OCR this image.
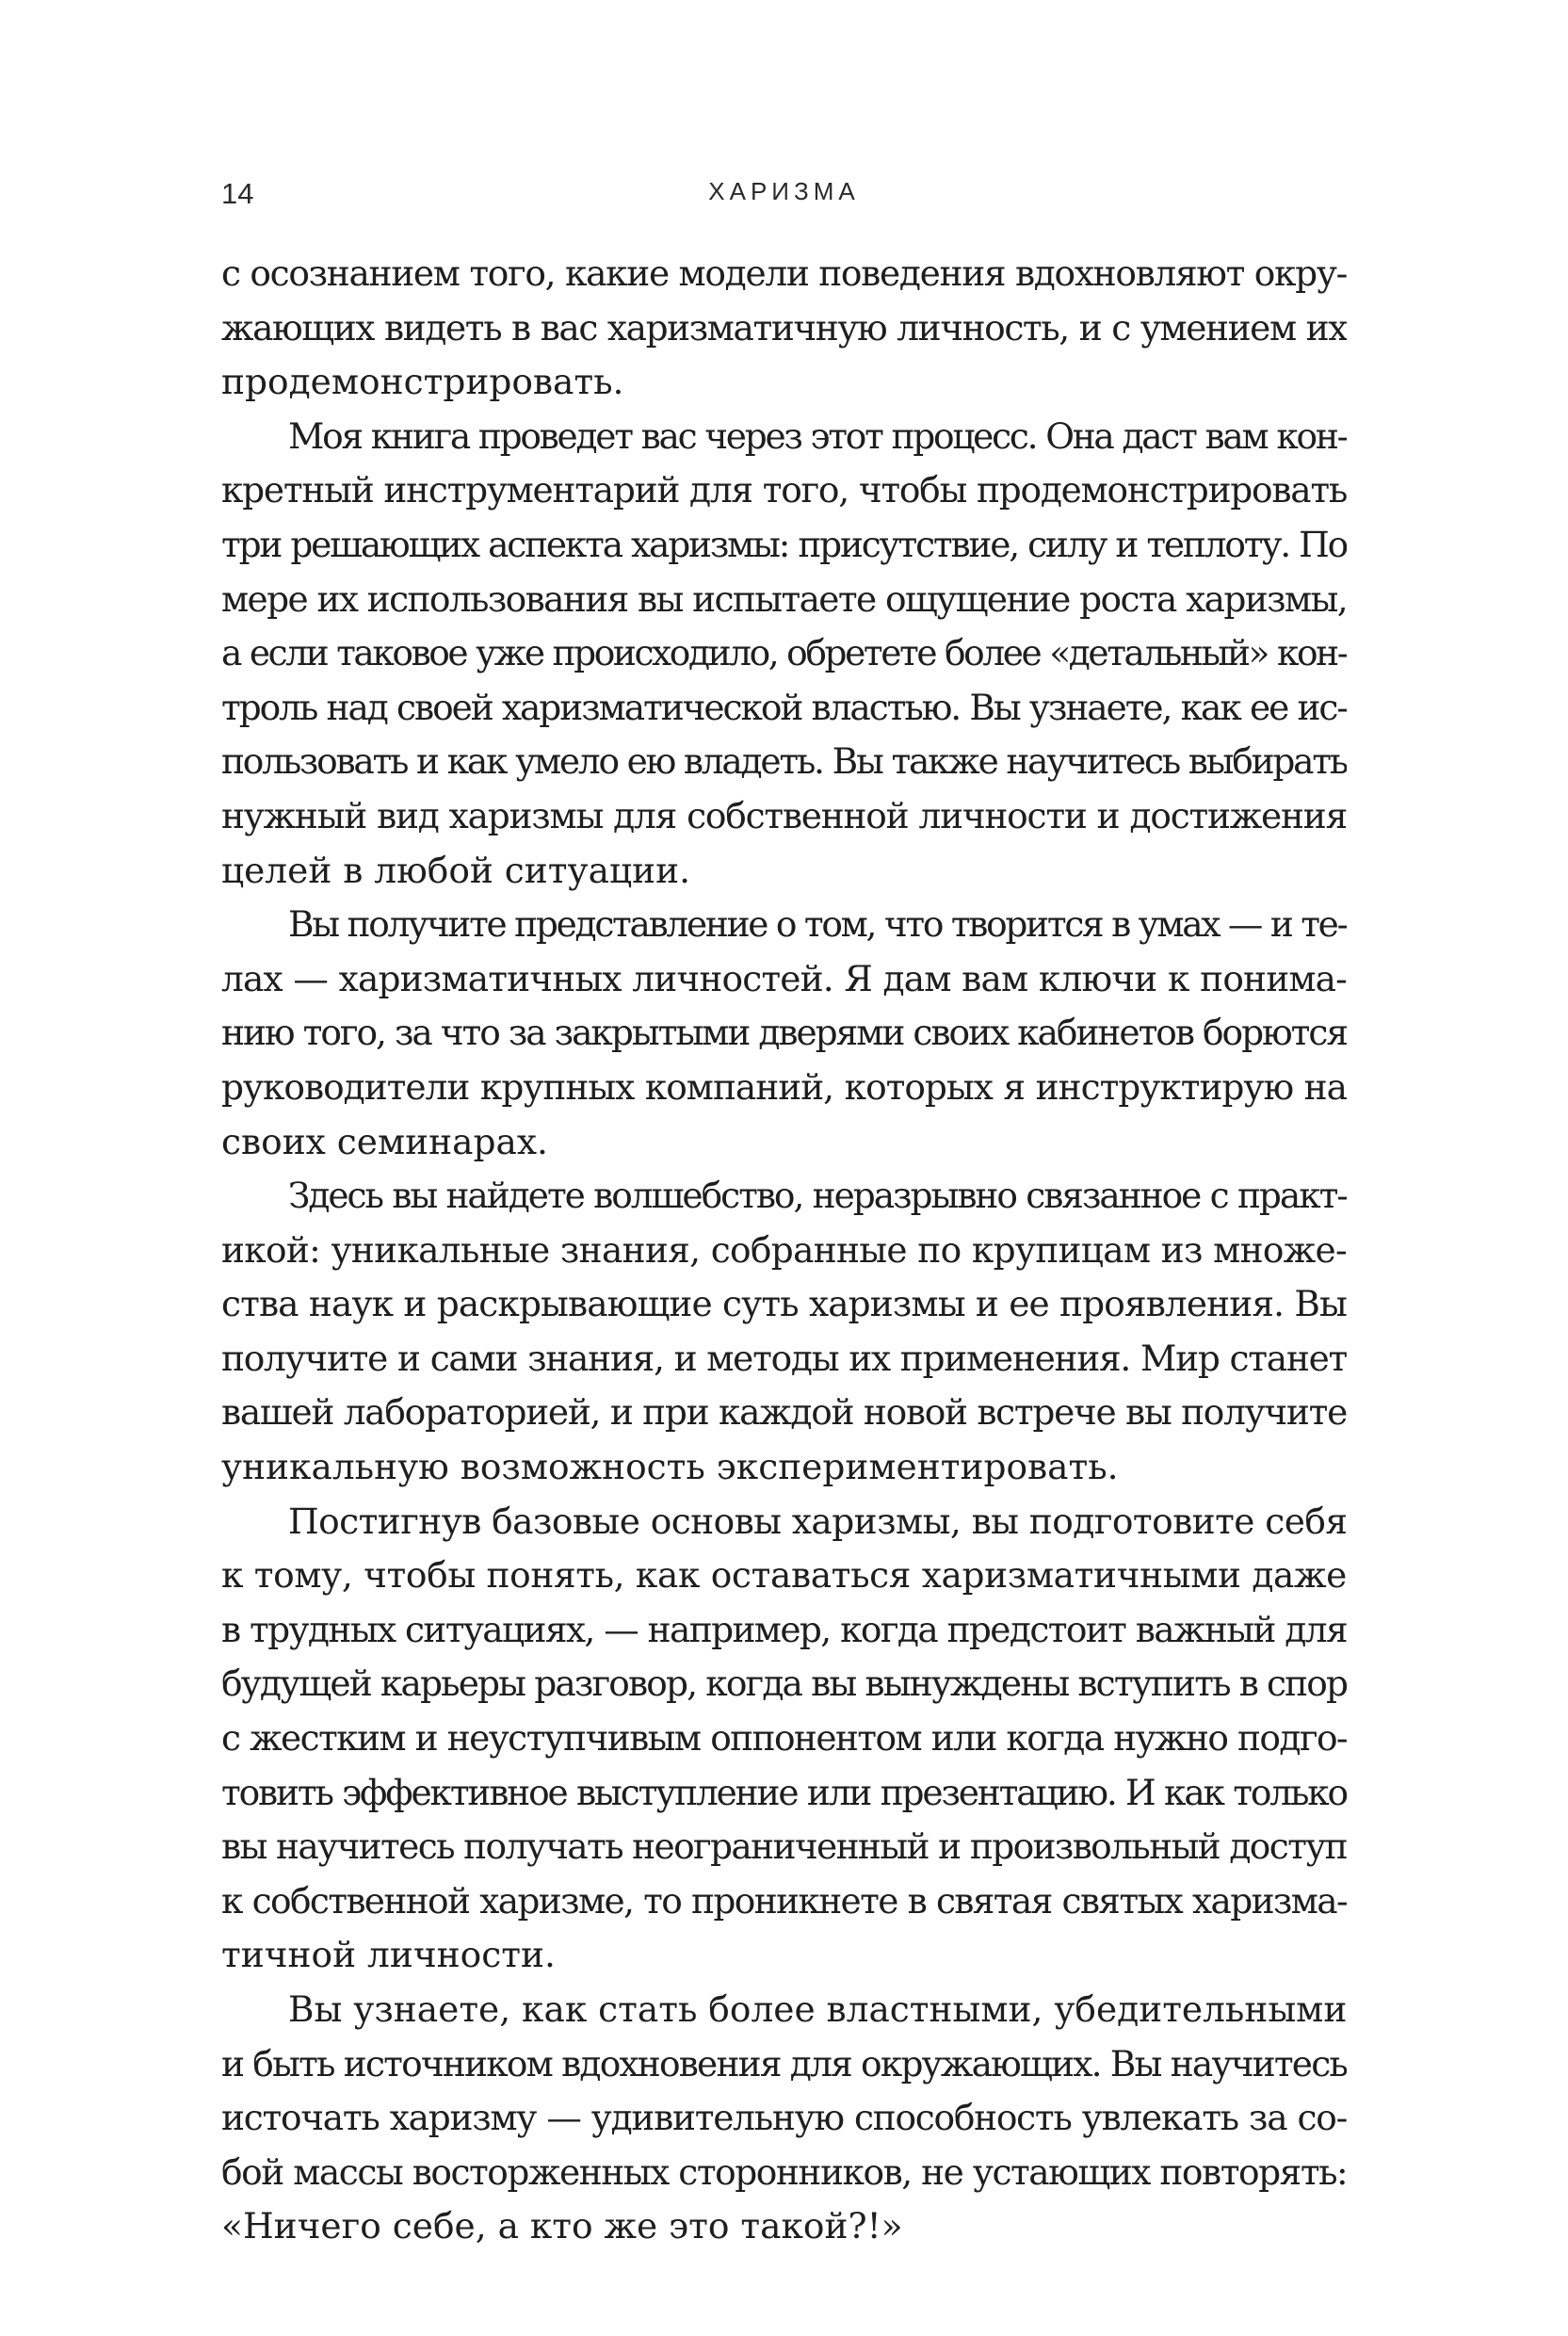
14	ХАРИЗМА

с осознанием того, какие модели поведения вдохновляют окру-
жающих видеть в вас харизматичную личность, и с умением их
продемонстрировать.

Моя книга проведет вас через этот процесс. Она даст вам кон-
кретный инструментарий для того, чтобы продемонстрировать
три решающих аспекта харизмы: присутствие, силу и теплоту. По
мере их использования вы испытаете ощущение роста харизмы,
а если таковое уже происходило, обретете более «детальный» кон-
троль над своей харизматической властью. Вы узнаете, как ее ис-
пользовать и как умело ею владеть. Вы также научитесь выбирать
нужный вид харизмы для собственной личности и достижения
целей в любой ситуации.

Вы получите представление о том, что творится в умах — и те-
лах — харизматичных личностей. Я дам вам ключи к понима-
нию того, за что за закрытыми дверями своих кабинетов борются
руководители крупных компаний, которых я инструктирую на
своих семинарах.

Здесь вы найдете волшебство, неразрывно связанное с практ-
икой: уникальные знания, собранные по крупицам из множе-
ства наук и раскрывающие суть харизмы и ее проявления. Вы
получите и сами знания, и методы их применения. Мир станет
вашей лабораторией, и при каждой новой встрече вы получите
уникальную возможность экспериментировать.

Постигнув базовые основы харизмы, вы подготовите себя
к тому, чтобы понять, как оставаться харизматичными даже
в трудных ситуациях, — например, когда предстоит важный для
будущей карьеры разговор, когда вы вынуждены вступить в спор
с жестким и неуступчивым оппонентом или когда нужно подго-
товить эффективное выступление или презентацию. И как только
вы научитесь получать неограниченный и произвольный доступ
к собственной харизме, то проникнете в святая святых харизма-
тичной личности.

Вы узнаете, как стать более властными, убедительными
и быть источником вдохновения для окружающих. Вы научитесь
источать харизму — удивительную способность увлекать за со-
бой массы восторженных сторонников, не устающих повторять:
«Ничего себе, а кто же это такой?!»
